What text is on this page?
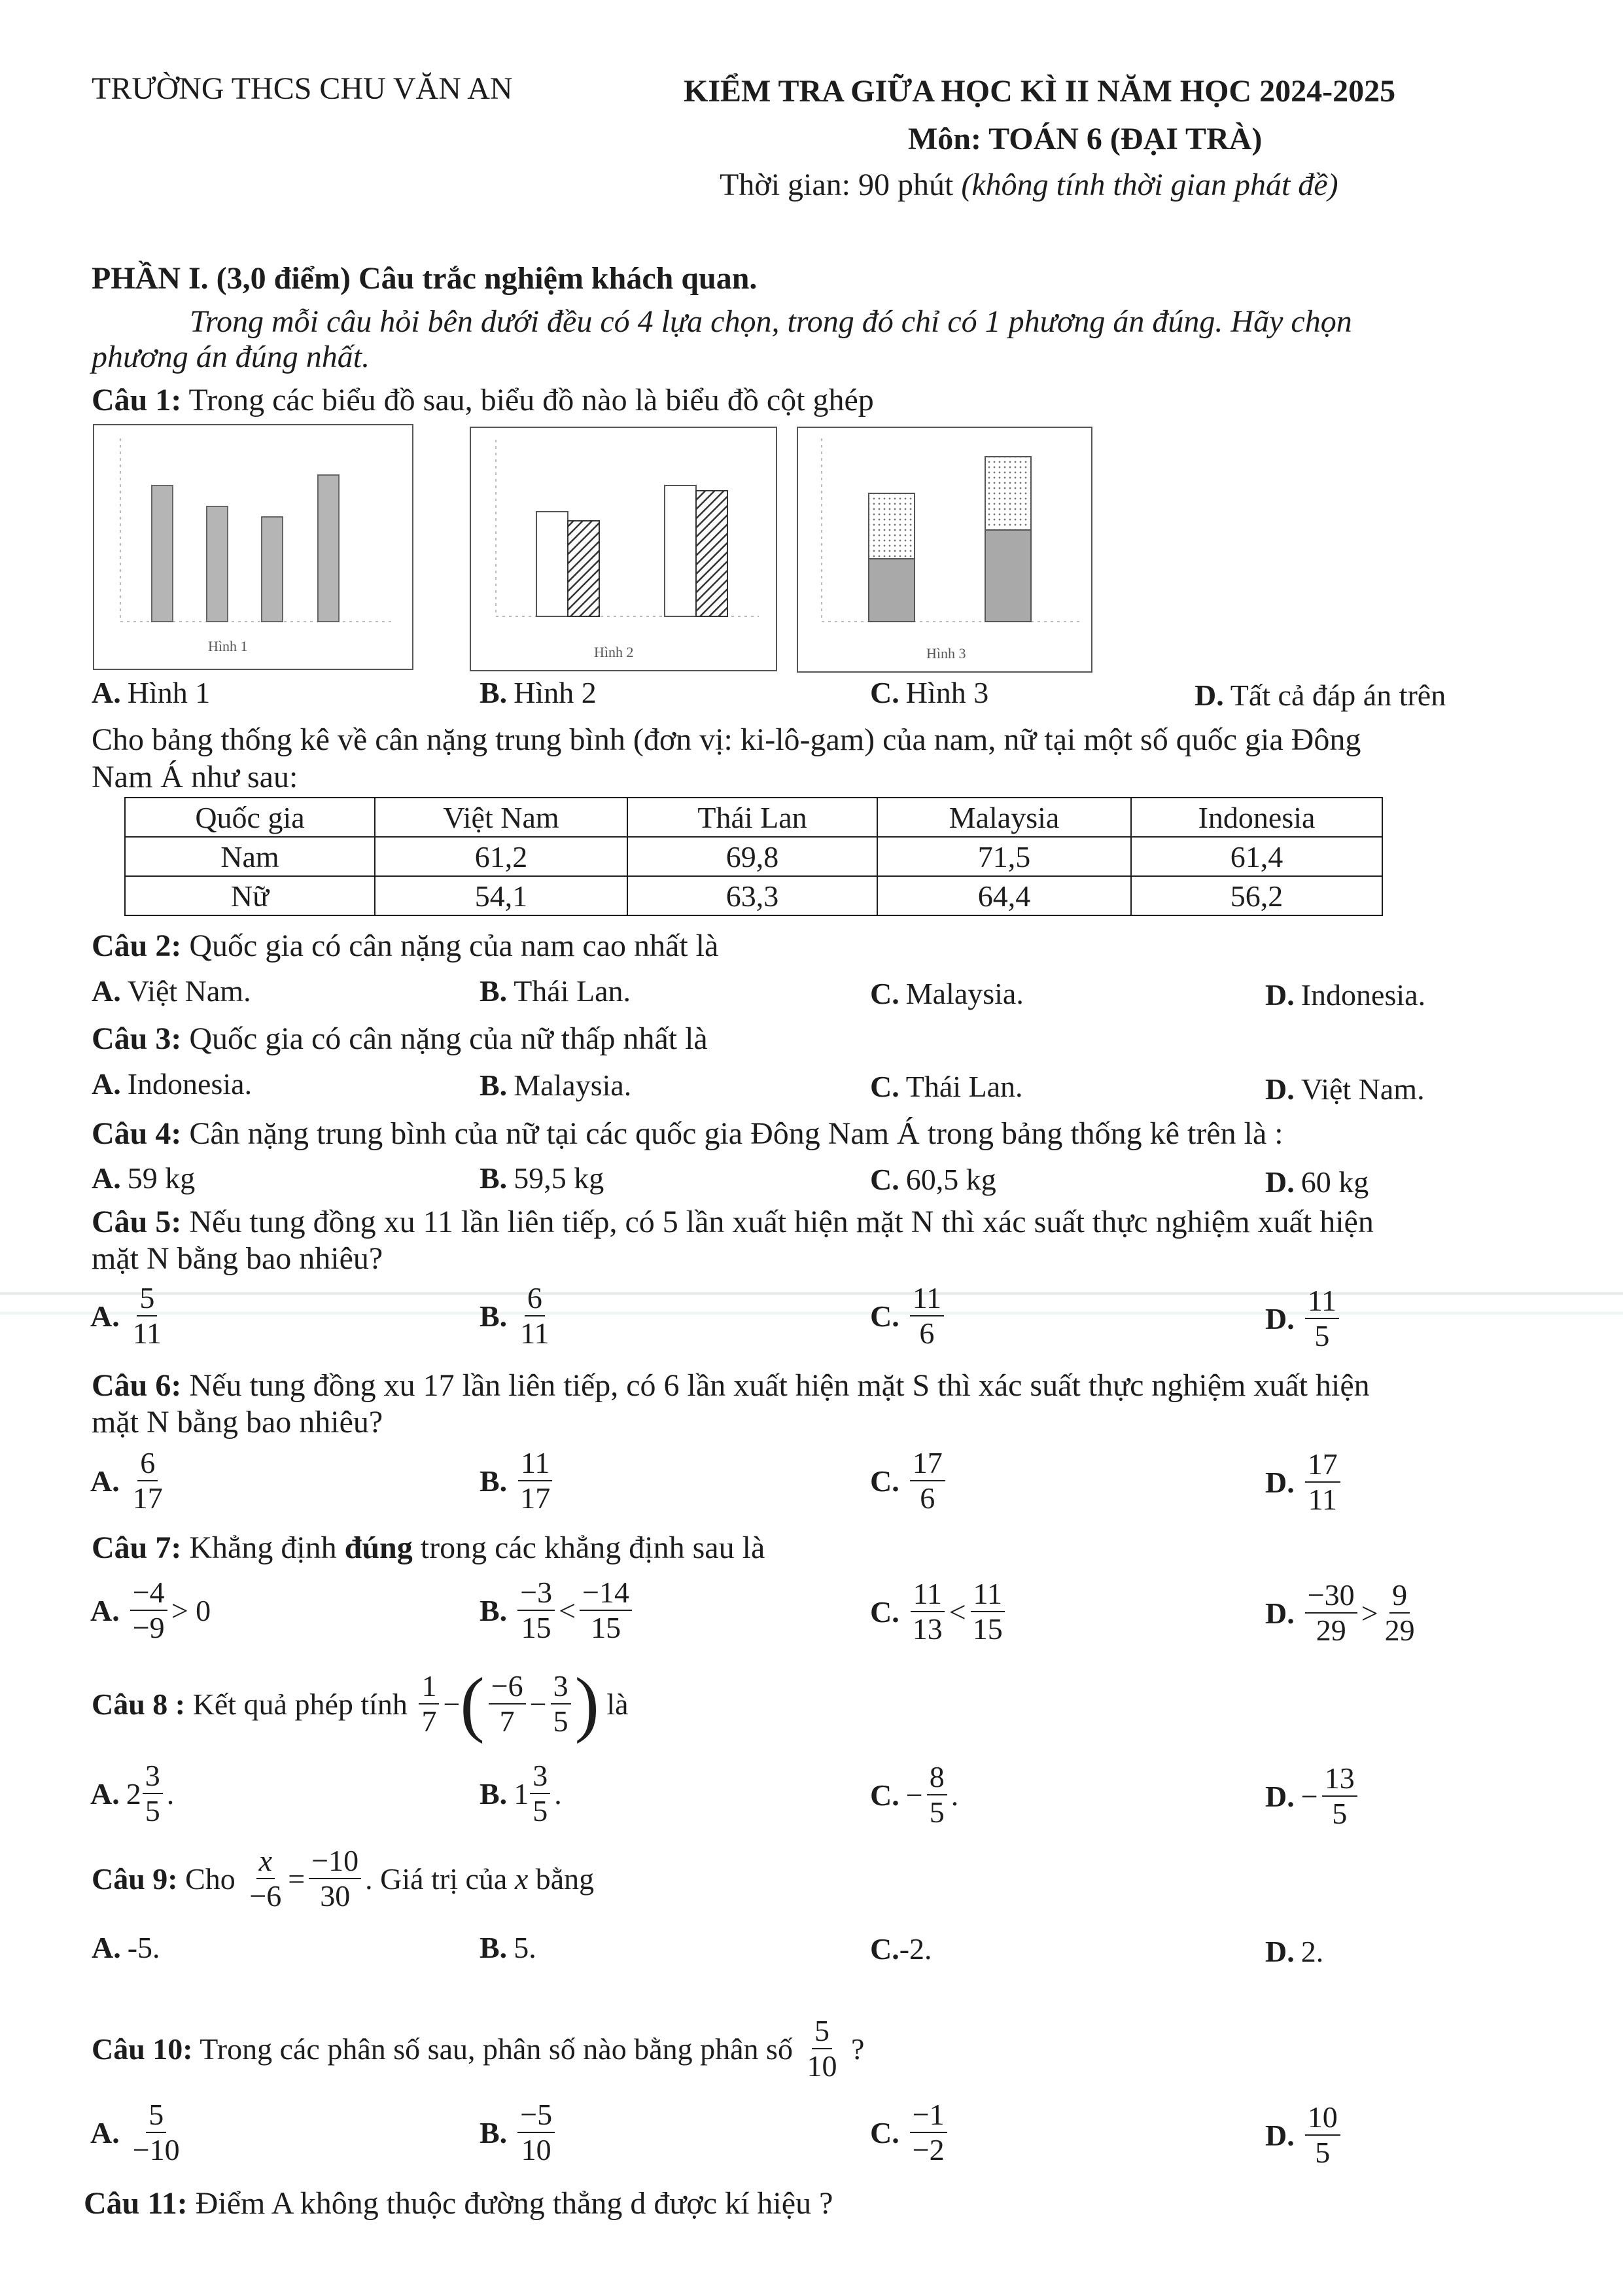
TRƯỜNG THCS CHU VĂN AN	KIỂM TRA GIỮA HỌC KÌ II NĂM HỌC 2024-2025
Môn: TOÁN 6 (ĐẠI TRÀ)
Thời gian: 90 phút (không tính thời gian phát đề)
PHẦN I. (3,0 điểm) Câu trắc nghiệm khách quan.
Trong mỗi câu hỏi bên dưới đều có 4 lựa chọn, trong đó chỉ có 1 phương án đúng. Hãy chọn
phương án đúng nhất.
Câu 1: Trong các biểu đồ sau, biểu đồ nào là biểu đồ cột ghép
Hình 1	Hình 2	Hình 3
A. Hình 1	B. Hình 2	C. Hình 3	D. Tất cả đáp án trên
Cho bảng thống kê về cân nặng trung bình (đơn vị: ki-lô-gam) của nam, nữ tại một số quốc gia Đông
Nam Á như sau:
Quốc gia	Việt Nam	Thái Lan	Malaysia	Indonesia
Nam	61,2	69,8	71,5	61,4
Nữ	54,1	63,3	64,4	56,2
Câu 2: Quốc gia có cân nặng của nam cao nhất là
A. Việt Nam.	B. Thái Lan.	C. Malaysia.	D. Indonesia.
Câu 3: Quốc gia có cân nặng của nữ thấp nhất là
A. Indonesia.	B. Malaysia.	C. Thái Lan.	D. Việt Nam.
Câu 4: Cân nặng trung bình của nữ tại các quốc gia Đông Nam Á trong bảng thống kê trên là :
A. 59 kg	B. 59,5 kg	C. 60,5 kg	D. 60 kg
Câu 5: Nếu tung đồng xu 11 lần liên tiếp, có 5 lần xuất hiện mặt N thì xác suất thực nghiệm xuất hiện
mặt N bằng bao nhiêu?
A. $\frac{5}{11}$	B. $\frac{6}{11}$	C. $\frac{11}{6}$	D. $\frac{11}{5}$
Câu 6: Nếu tung đồng xu 17 lần liên tiếp, có 6 lần xuất hiện mặt S thì xác suất thực nghiệm xuất hiện
mặt N bằng bao nhiêu?
A. $\frac{6}{17}$	B. $\frac{11}{17}$	C. $\frac{17}{6}$	D. $\frac{17}{11}$
Câu 7: Khẳng định đúng trong các khẳng định sau là
A. $\frac{-4}{-9} > 0$	B. $\frac{-3}{15} < \frac{-14}{15}$	C. $\frac{11}{13} < \frac{11}{15}$	D. $\frac{-30}{29} > \frac{9}{29}$
Câu 8 : Kết quả phép tính $\frac{1}{7}$ − ( $\frac{-6}{7} - \frac{3}{5}$ ) là
A. $2 \frac{3}{5}$ .	B. $1 \frac{3}{5}$ .	C. − $\frac{8}{5}$ .	D. − $\frac{13}{5}$
Câu 9: Cho $\frac{x}{-6} = \frac{-10}{30}$ . Giá trị của x bằng
A. -5.	B. 5.	C. -2.	D. 2.
Câu 10: Trong các phân số sau, phân số nào bằng phân số $\frac{5}{10}$ ?
A. $\frac{5}{-10}$	B. $\frac{-5}{10}$	C. $\frac{-1}{-2}$	D. $\frac{10}{5}$
Câu 11: Điểm A không thuộc đường thẳng d được kí hiệu ?
